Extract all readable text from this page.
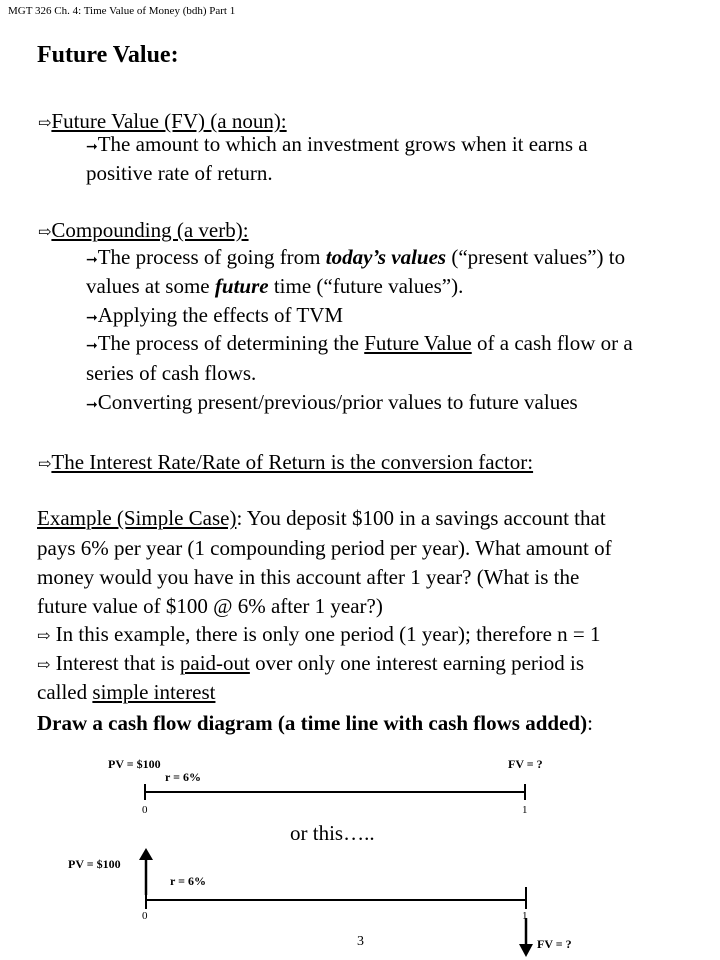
MGT 326 Ch. 4: Time Value of Money (bdh) Part 1
Future Value:
⇨Future Value (FV) (a noun):
➞The amount to which an investment grows when it earns a
positive rate of return.
⇨Compounding (a verb):
➞The process of going from today’s values (“present values”) to
values at some future time (“future values”).
➞Applying the effects of TVM
➞The process of determining the Future Value of a cash flow or a
series of cash flows.
➞Converting present/previous/prior values to future values
⇨The Interest Rate/Rate of Return is the conversion factor:
Example (Simple Case): You deposit $100 in a savings account that
pays 6% per year (1 compounding period per year). What amount of
money would you have in this account after 1 year? (What is the
future value of $100 @ 6% after 1 year?)
⇨ In this example, there is only one period (1 year); therefore n = 1
⇨ Interest that is paid-out over only one interest earning period is
called simple interest
Draw a cash flow diagram (a time line with cash flows added):
PV = $100	FV = ?
r = 6%
0	1
or this…..
PV = $100
r = 6%
0	1
FV = ?
3
